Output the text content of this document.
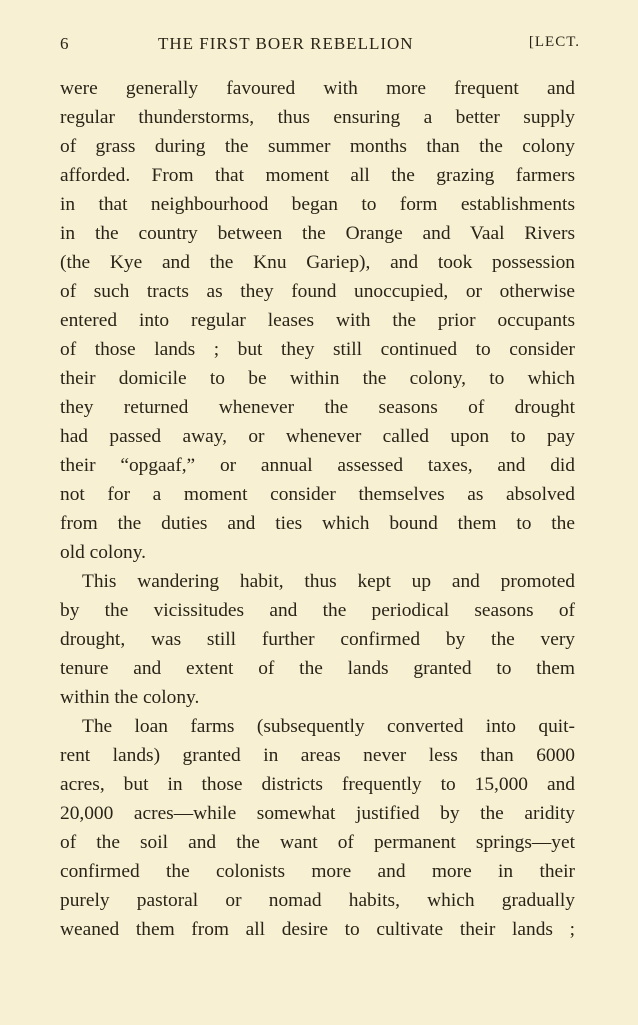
6	THE FIRST BOER REBELLION	[LECT.
were generally favoured with more frequent and
regular thunderstorms, thus ensuring a better supply
of grass during the summer months than the colony
afforded. From that moment all the grazing farmers
in that neighbourhood began to form establishments
in the country between the Orange and Vaal Rivers
(the Kye and the Knu Gariep), and took possession
of such tracts as they found unoccupied, or otherwise
entered into regular leases with the prior occupants
of those lands ; but they still continued to consider
their domicile to be within the colony, to which
they returned whenever the seasons of drought
had passed away, or whenever called upon to pay
their “opgaaf,” or annual assessed taxes, and did
not for a moment consider themselves as absolved
from the duties and ties which bound them to the
old colony.
This wandering habit, thus kept up and promoted
by the vicissitudes and the periodical seasons of
drought, was still further confirmed by the very
tenure and extent of the lands granted to them
within the colony.
The loan farms (subsequently converted into quit-
rent lands) granted in areas never less than 6000
acres, but in those districts frequently to 15,000 and
20,000 acres—while somewhat justified by the aridity
of the soil and the want of permanent springs—yet
confirmed the colonists more and more in their
purely pastoral or nomad habits, which gradually
weaned them from all desire to cultivate their lands ;
